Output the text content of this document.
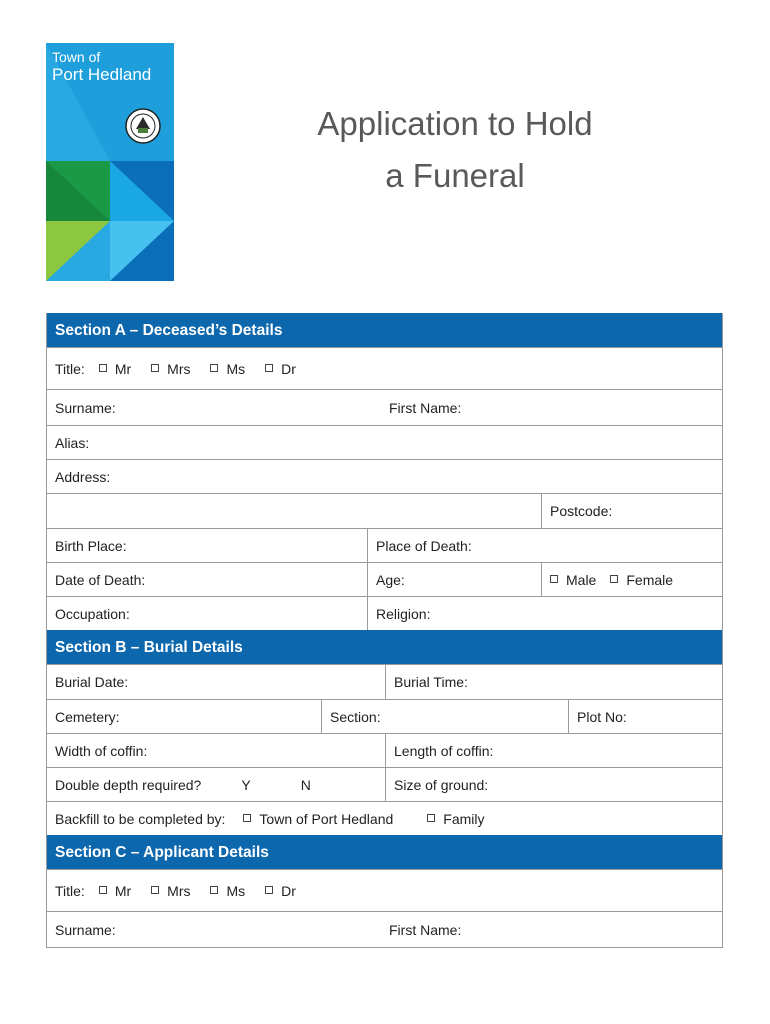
Town of
Port Hedland
Application to Hold
a Funeral
Section A – Deceased’s Details
Title: Mr	Mrs	Ms	Dr
Surname:	First Name:
Alias:
Address:
Postcode:
Birth Place:	Place of Death:
Date of Death:	Age:	Male Female
Occupation:	Religion:
Section B – Burial Details
Burial Date:	Burial Time:
Cemetery:	Section:	Plot No:
Width of coffin:	Length of coffin:
Double depth required?	Y	N	Size of ground:
Backfill to be completed by: Town of Port Hedland	Family
Section C – Applicant Details
Title: Mr	Mrs	Ms	Dr
Surname:	First Name:
